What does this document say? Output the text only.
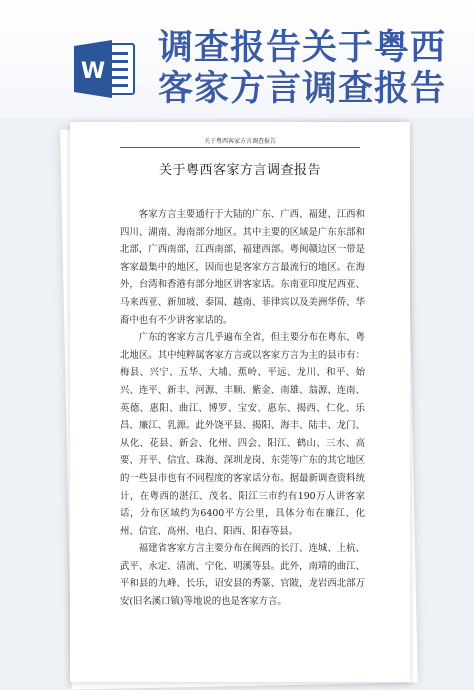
W
调查报告关于粤西
客家方言调查报告
关于粤西客家方言调查报告
关于粤西客家方言调查报告

客家方言主要通行于大陆的广东、广西、福建、江西和四川、湖南、海南部分地区。其中主要的区域是广东东部和北部，广西南部，江西南部，福建西部。粤闽赣边区一带是客家最集中的地区，因而也是客家方言最流行的地区。在海外，台湾和香港有部分地区讲客家话。东南亚印度尼西亚、马来西亚、新加坡、泰国、越南、菲律宾以及美洲华侨、华裔中也有不少讲客家话的。

广东的客家方言几乎遍布全省，但主要分布在粤东、粤北地区。其中纯粹属客家方言或以客家方言为主的县市有：梅县、兴宁、五华、大埔、蕉岭、平远、龙川、和平、始兴、连平、新丰、河源、丰顺、紫金、南雄、翁源、连南、英德、惠阳、曲江、博罗、宝安、惠东、揭西、仁化、乐昌、廉江、乳源。此外饶平县、揭阳、海丰、陆丰、龙门、从化、花县、新会、化州、四会、阳江、鹤山、三水、高要、开平、信宜、珠海、深圳龙岗、东莞等广东的其它地区的一些县市也有不同程度的客家话分布。据最新调查资料统计，在粤西的湛江、茂名、阳江三市约有190万人讲客家话，分布区域约为6400平方公里，具体分布在廉江、化州、信宜、高州、电白、阳西、阳春等县。

福建省客家方言主要分布在闽西的长汀、连城、上杭、武平、永定、清流、宁化、明溪等县。此外，南靖的曲江、平和县的九峰、长乐，诏安县的秀篆、官陂，龙岩西北部万安(旧名溪口镇)等地说的也是客家方言。
